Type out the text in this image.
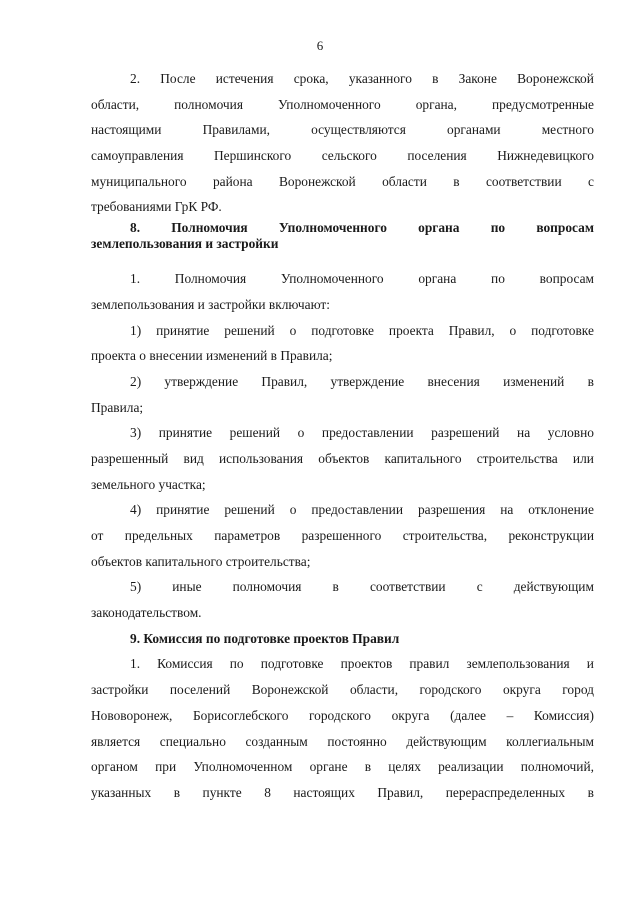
6
2. После истечения срока, указанного в Законе Воронежской
области,	полномочия	Уполномоченного	органа,	предусмотренные
настоящими	Правилами,	осуществляются	органами	местного
самоуправления Першинского сельского поселения Нижнедевицкого
муниципального района Воронежской области в соответствии с
требованиями ГрК РФ.
8. Полномочия Уполномоченного органа по вопросам
землепользования и застройки
1.	Полномочия	Уполномоченного	органа	по	вопросам
землепользования и застройки включают:
1) принятие решений о подготовке проекта Правил, о подготовке
проекта о внесении изменений в Правила;
2) утверждение Правил, утверждение внесения изменений в
Правила;
3) принятие решений о предоставлении разрешений на условно
разрешенный вид использования объектов капитального строительства или
земельного участка;
4) принятие решений о предоставлении разрешения на отклонение
от предельных параметров разрешенного строительства, реконструкции
объектов капитального строительства;
5) иные полномочия в соответствии с действующим
законодательством.
9. Комиссия по подготовке проектов Правил
1. Комиссия по подготовке проектов правил землепользования и
застройки поселений Воронежской области, городского округа город
Нововоронеж, Борисоглебского городского округа (далее – Комиссия)
является специально созданным постоянно действующим коллегиальным
органом при Уполномоченном органе в целях реализации полномочий,
указанных в пункте 8 настоящих Правил, перераспределенных в
